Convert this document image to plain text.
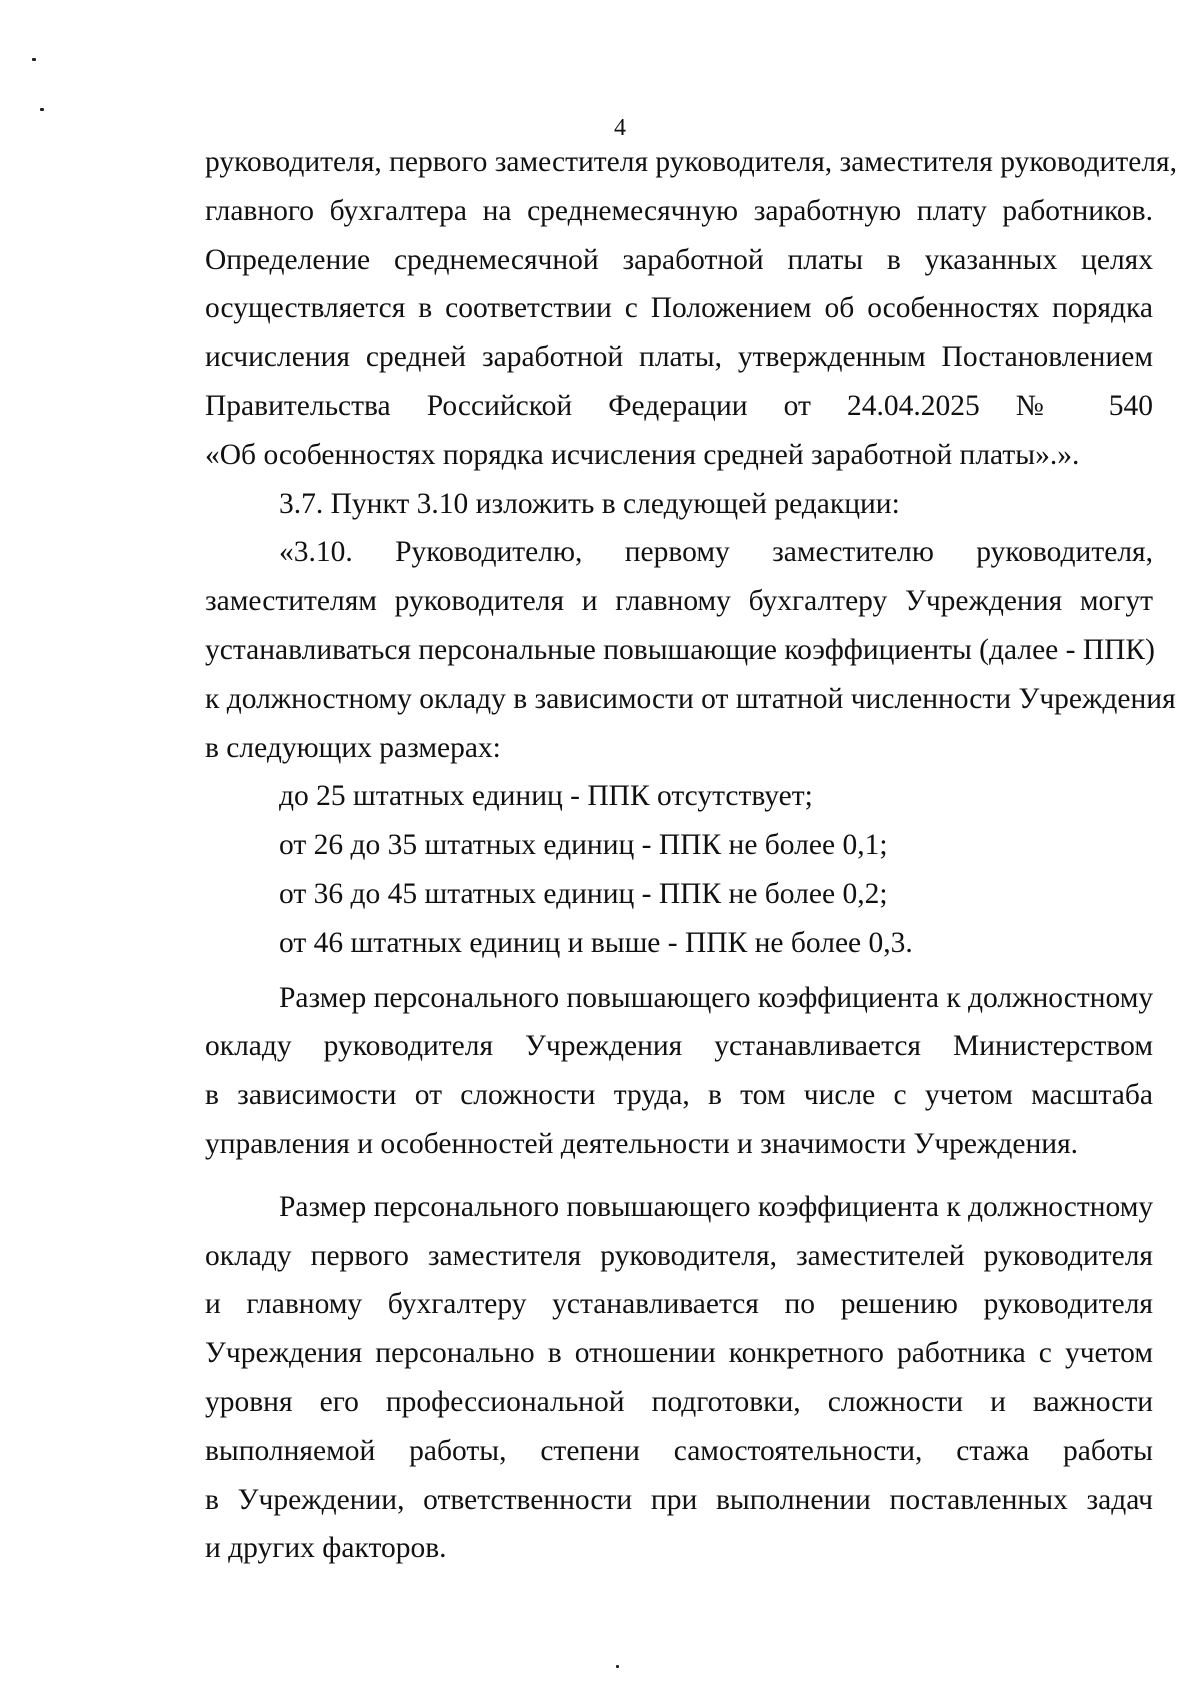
4
руководителя, первого заместителя руководителя, заместителя руководителя,
главного бухгалтера на среднемесячную заработную плату работников.
Определение среднемесячной заработной платы в указанных целях
осуществляется в соответствии с Положением об особенностях порядка
исчисления средней заработной платы, утвержденным Постановлением
Правительства Российской Федерации от 24.04.2025 № 540
«Об особенностях порядка исчисления средней заработной платы».».
3.7. Пункт 3.10 изложить в следующей редакции:
«3.10. Руководителю, первому заместителю руководителя,
заместителям руководителя и главному бухгалтеру Учреждения могут
устанавливаться персональные повышающие коэффициенты (далее - ППК)
к должностному окладу в зависимости от штатной численности Учреждения
в следующих размерах:
до 25 штатных единиц - ППК отсутствует;
от 26 до 35 штатных единиц - ППК не более 0,1;
от 36 до 45 штатных единиц - ППК не более 0,2;
от 46 штатных единиц и выше - ППК не более 0,3.
Размер персонального повышающего коэффициента к должностному
окладу руководителя Учреждения устанавливается Министерством
в зависимости от сложности труда, в том числе с учетом масштаба
управления и особенностей деятельности и значимости Учреждения.
Размер персонального повышающего коэффициента к должностному
окладу первого заместителя руководителя, заместителей руководителя
и главному бухгалтеру устанавливается по решению руководителя
Учреждения персонально в отношении конкретного работника с учетом
уровня его профессиональной подготовки, сложности и важности
выполняемой работы, степени самостоятельности, стажа работы
в Учреждении, ответственности при выполнении поставленных задач
и других факторов.
